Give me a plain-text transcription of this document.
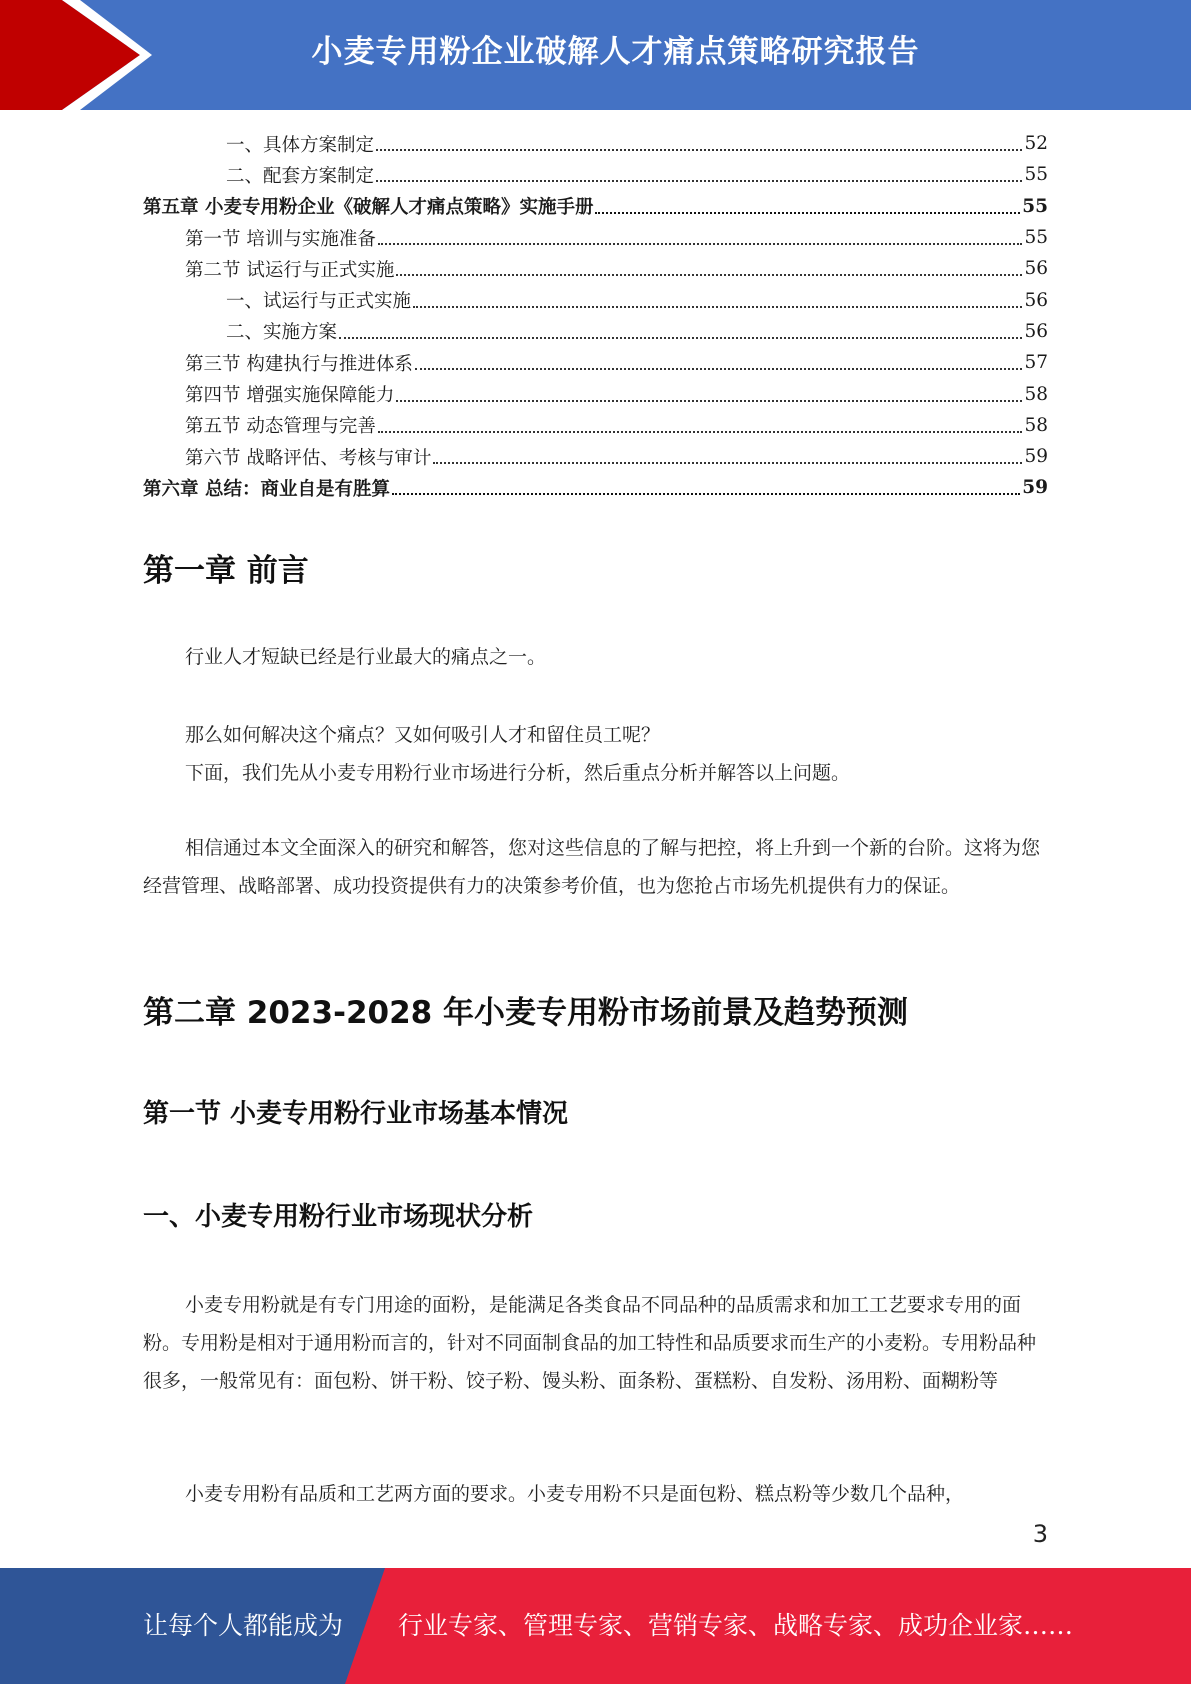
小麦专用粉企业破解人才痛点策略研究报告
一、具体方案制定	52
二、配套方案制定	55
第五章 小麦专用粉企业《破解人才痛点策略》实施手册	55
第一节 培训与实施准备	55
第二节 试运行与正式实施	56
一、试运行与正式实施	56
二、实施方案	56
第三节 构建执行与推进体系	57
第四节 增强实施保障能力	58
第五节 动态管理与完善	58
第六节 战略评估、考核与审计	59
第六章 总结：商业自是有胜算	59
第一章 前言
行业人才短缺已经是行业最大的痛点之一。
那么如何解决这个痛点？又如何吸引人才和留住员工呢？
下面，我们先从小麦专用粉行业市场进行分析，然后重点分析并解答以上问题。
相信通过本文全面深入的研究和解答，您对这些信息的了解与把控，将上升到一个新的台阶。这将为您经营管理、战略部署、成功投资提供有力的决策参考价值，也为您抢占市场先机提供有力的保证。
第二章 2023-2028 年小麦专用粉市场前景及趋势预测
第一节 小麦专用粉行业市场基本情况
一、小麦专用粉行业市场现状分析
小麦专用粉就是有专门用途的面粉，是能满足各类食品不同品种的品质需求和加工工艺要求专用的面粉。专用粉是相对于通用粉而言的，针对不同面制食品的加工特性和品质要求而生产的小麦粉。专用粉品种很多，一般常见有：面包粉、饼干粉、饺子粉、馒头粉、面条粉、蛋糕粉、自发粉、汤用粉、面糊粉等
小麦专用粉有品质和工艺两方面的要求。小麦专用粉不只是面包粉、糕点粉等少数几个品种，
3
让每个人都能成为 行业专家、管理专家、营销专家、战略专家、成功企业家……
